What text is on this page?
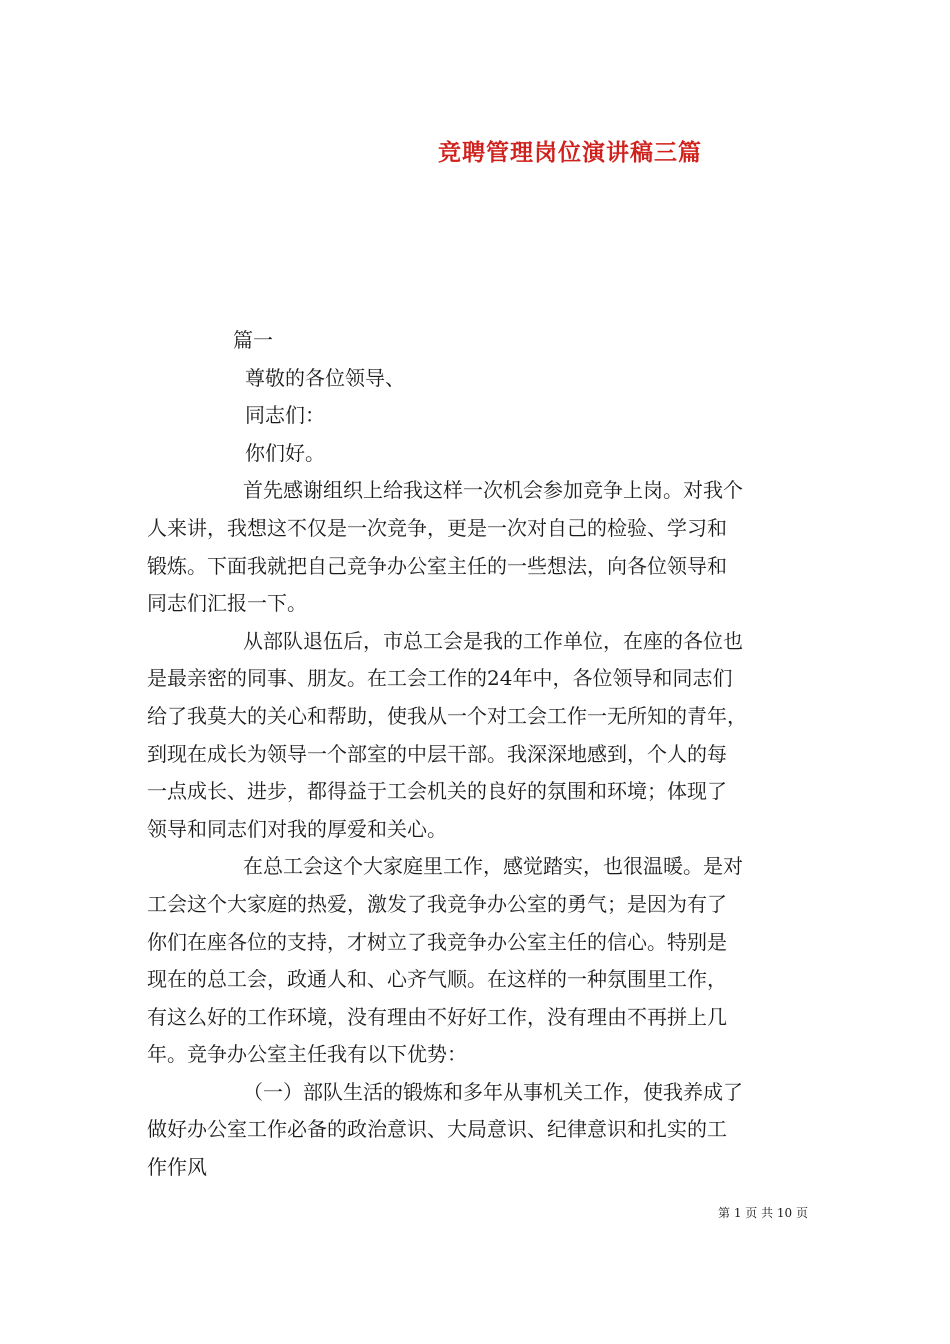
竞聘管理岗位演讲稿三篇
篇一
尊敬的各位领导、
同志们：
你们好。
首先感谢组织上给我这样一次机会参加竞争上岗。对我个
人来讲，我想这不仅是一次竞争，更是一次对自己的检验、学习和
锻炼。下面我就把自己竞争办公室主任的一些想法，向各位领导和
同志们汇报一下。
从部队退伍后，市总工会是我的工作单位，在座的各位也
是最亲密的同事、朋友。在工会工作的24年中，各位领导和同志们
给了我莫大的关心和帮助，使我从一个对工会工作一无所知的青年，
到现在成长为领导一个部室的中层干部。我深深地感到，个人的每
一点成长、进步，都得益于工会机关的良好的氛围和环境；体现了
领导和同志们对我的厚爱和关心。
在总工会这个大家庭里工作，感觉踏实，也很温暖。是对
工会这个大家庭的热爱，激发了我竞争办公室的勇气；是因为有了
你们在座各位的支持，才树立了我竞争办公室主任的信心。特别是
现在的总工会，政通人和、心齐气顺。在这样的一种氛围里工作，
有这么好的工作环境，没有理由不好好工作，没有理由不再拼上几
年。竞争办公室主任我有以下优势：
（一）部队生活的锻炼和多年从事机关工作，使我养成了
做好办公室工作必备的政治意识、大局意识、纪律意识和扎实的工
作作风
第 1 页 共 10 页
